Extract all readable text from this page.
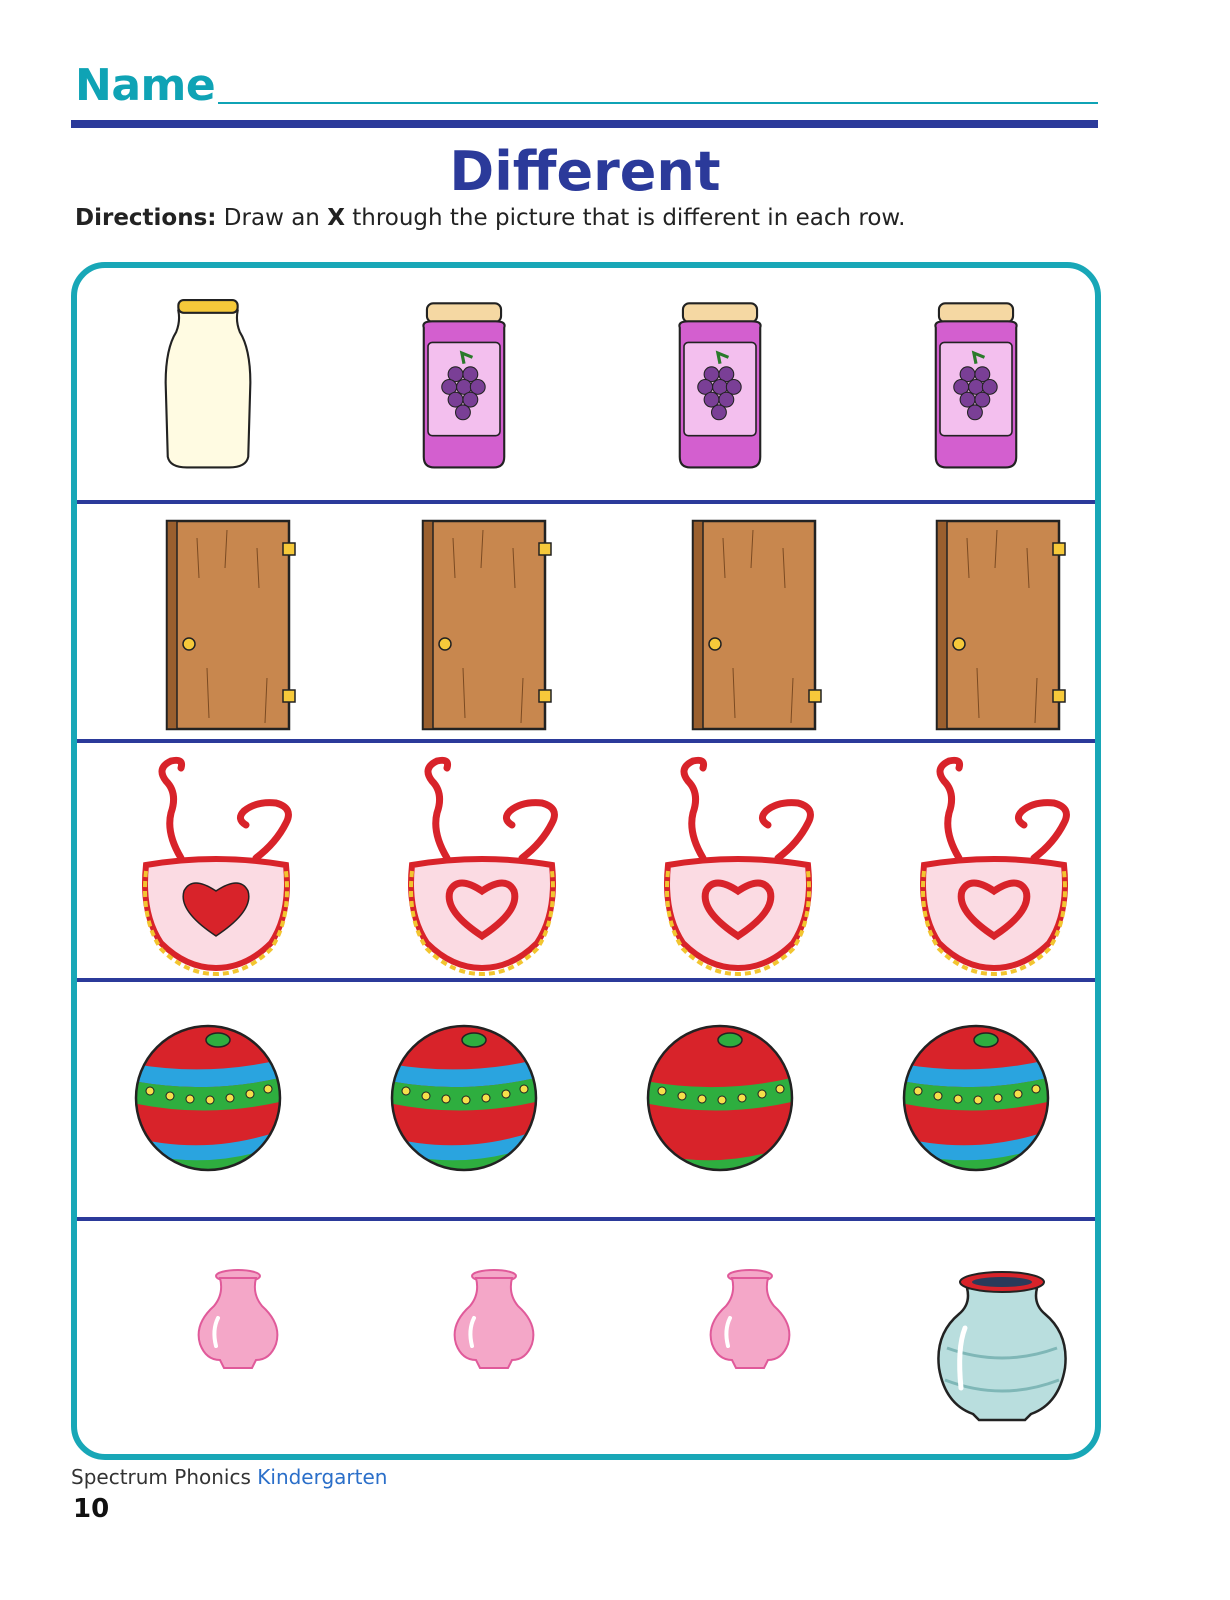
Name
Different
Directions: Draw an X through the picture that is different in each row.
Spectrum Phonics Kindergarten
10
